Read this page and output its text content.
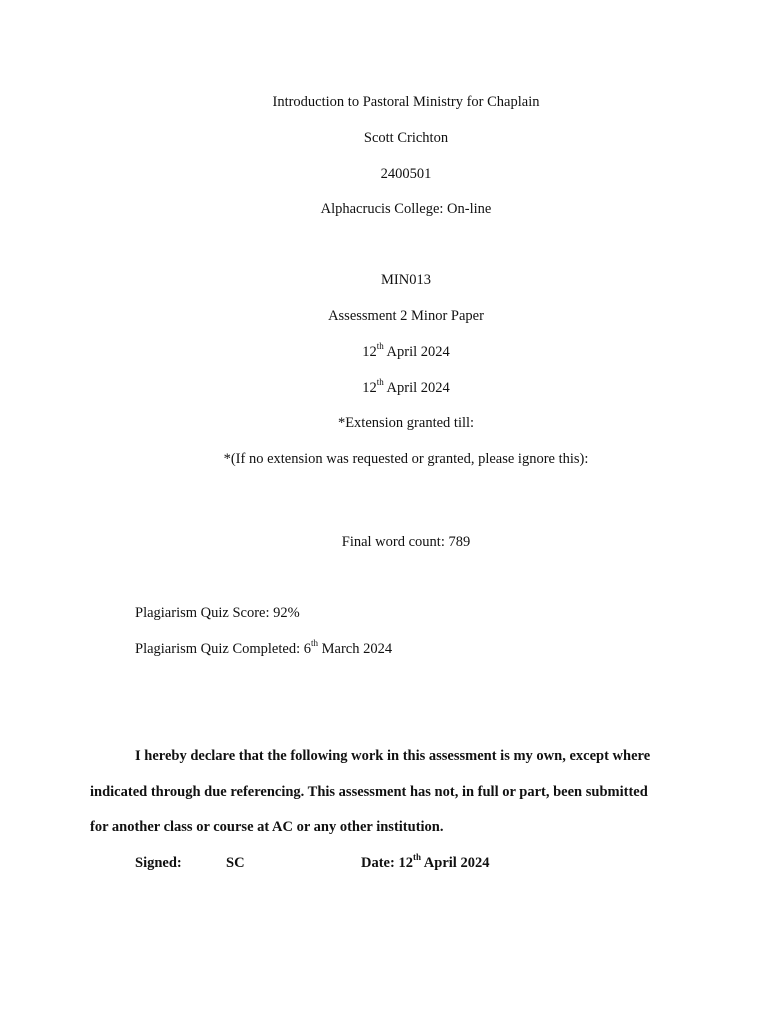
Introduction to Pastoral Ministry for Chaplain
Scott Crichton
2400501
Alphacrucis College: On-line
MIN013
Assessment 2 Minor Paper
12th April 2024
12th April 2024
*Extension granted till:
*(If no extension was requested or granted, please ignore this):
Final word count: 789
Plagiarism Quiz Score: 92%
Plagiarism Quiz Completed: 6th March 2024
I hereby declare that the following work in this assessment is my own, except where
indicated through due referencing. This assessment has not, in full or part, been submitted
for another class or course at AC or any other institution.
Signed:	SC	Date: 12th April 2024
